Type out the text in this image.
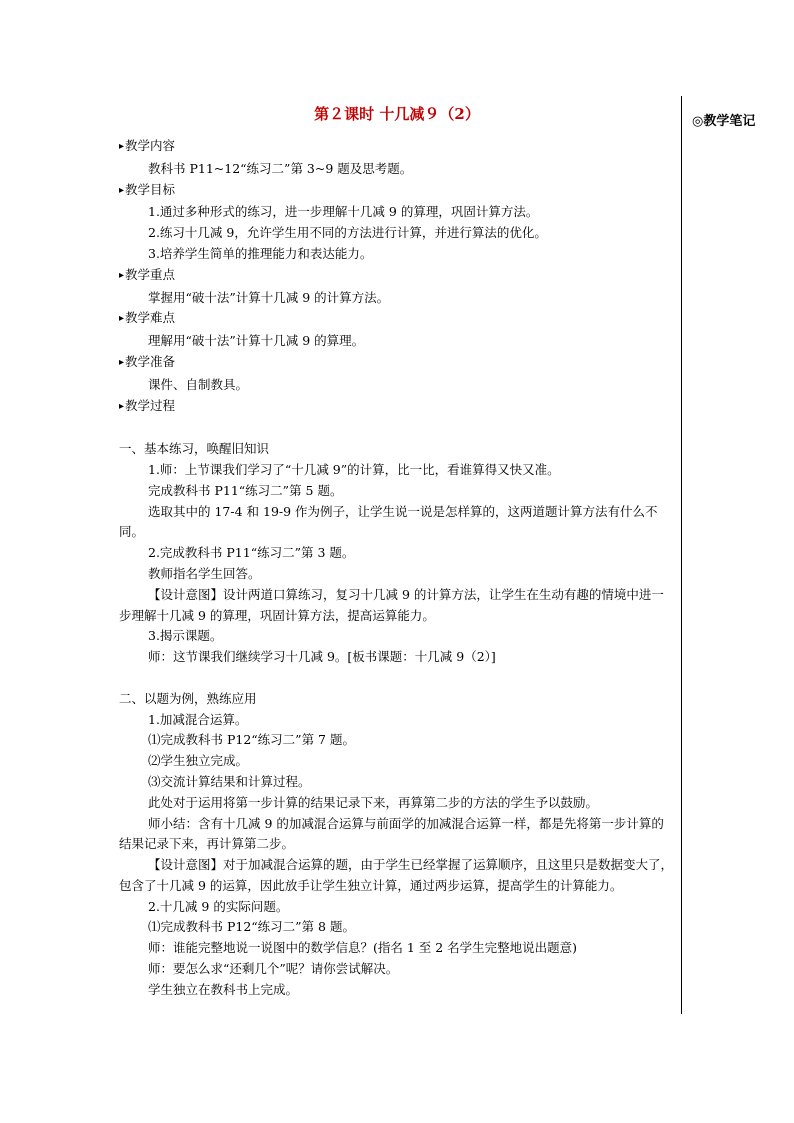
第２课时 十几减９（2）
▸ 教学内容
教科书 P11~12“练习二”第 3~9 题及思考题。
▸ 教学目标
1.通过多种形式的练习，进一步理解十几减 9 的算理，巩固计算方法。
2.练习十几减 9，允许学生用不同的方法进行计算，并进行算法的优化。
3.培养学生简单的推理能力和表达能力。
▸ 教学重点
掌握用“破十法”计算十几减 9 的计算方法。
▸ 教学难点
理解用“破十法”计算十几减 9 的算理。
▸ 教学准备
课件、自制教具。
▸ 教学过程
一、基本练习，唤醒旧知识
1.师：上节课我们学习了“十几减 9”的计算，比一比，看谁算得又快又准。
完成教科书 P11“练习二”第 5 题。
选取其中的 17-4 和 19-9 作为例子，让学生说一说是怎样算的，这两道题计算方法有什么不同。
2.完成教科书 P11“练习二”第 3 题。
教师指名学生回答。
【设计意图】设计两道口算练习，复习十几减 9 的计算方法，让学生在生动有趣的情境中进一步理解十几减 9 的算理，巩固计算方法，提高运算能力。
3.揭示课题。
师：这节课我们继续学习十几减 9。[板书课题：十几减 9（2）]
二、以题为例，熟练应用
1.加减混合运算。
⑴完成教科书 P12“练习二”第 7 题。
⑵学生独立完成。
⑶交流计算结果和计算过程。
此处对于运用将第一步计算的结果记录下来，再算第二步的方法的学生予以鼓励。
师小结：含有十几减 9 的加减混合运算与前面学的加减混合运算一样，都是先将第一步计算的结果记录下来，再计算第二步。
【设计意图】对于加减混合运算的题，由于学生已经掌握了运算顺序，且这里只是数据变大了，包含了十几减 9 的运算，因此放手让学生独立计算，通过两步运算，提高学生的计算能力。
2.十几减 9 的实际问题。
⑴完成教科书 P12“练习二”第 8 题。
师：谁能完整地说一说图中的数学信息？(指名 1 至 2 名学生完整地说出题意)
师：要怎么求“还剩几个”呢？请你尝试解决。
学生独立在教科书上完成。
◎教学笔记
